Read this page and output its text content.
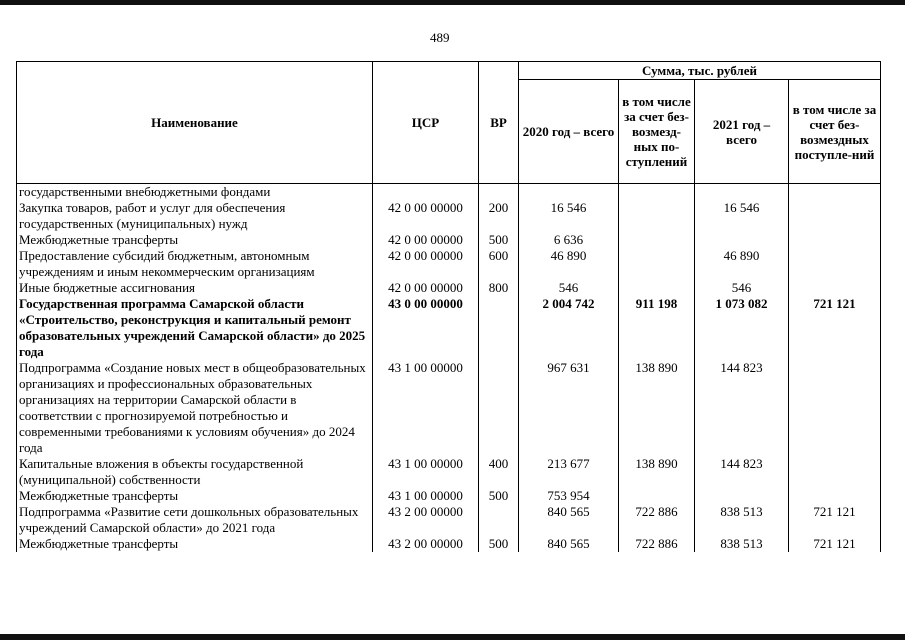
489
Наименование	ЦСР	ВР	Сумма, тыс. рублей			
			2020 год – всего	в том числе за счет без-возмезд-ных по-ступлений	2021 год – всего	в том числе за счет без-возмездных поступле-ний
государственными внебюджетными фондами						
Закупка товаров, работ и услуг для обеспечения государственных (муниципальных) нужд	42 0 00 00000	200	16 546		16 546	
Межбюджетные трансферты	42 0 00 00000	500	6 636			
Предоставление субсидий бюджетным, автономным учреждениям и иным некоммерческим организациям	42 0 00 00000	600	46 890		46 890	
Иные бюджетные ассигнования	42 0 00 00000	800	546		546	
Государственная программа Самарской области «Строительство, реконструкция и капитальный ремонт образовательных учреждений Самарской области» до 2025 года	43 0 00 00000		2 004 742	911 198	1 073 082	721 121
Подпрограмма «Создание новых мест в общеобразовательных организациях и профессиональных образовательных организациях на территории Самарской области в соответствии с прогнозируемой потребностью и современными требованиями к условиям обучения» до 2024 года	43 1 00 00000		967 631	138 890	144 823	
Капитальные вложения в объекты государственной (муниципальной) собственности	43 1 00 00000	400	213 677	138 890	144 823	
Межбюджетные трансферты	43 1 00 00000	500	753 954			
Подпрограмма «Развитие сети дошкольных образовательных учреждений Самарской области» до 2021 года	43 2 00 00000		840 565	722 886	838 513	721 121
Межбюджетные трансферты	43 2 00 00000	500	840 565	722 886	838 513	721 121
